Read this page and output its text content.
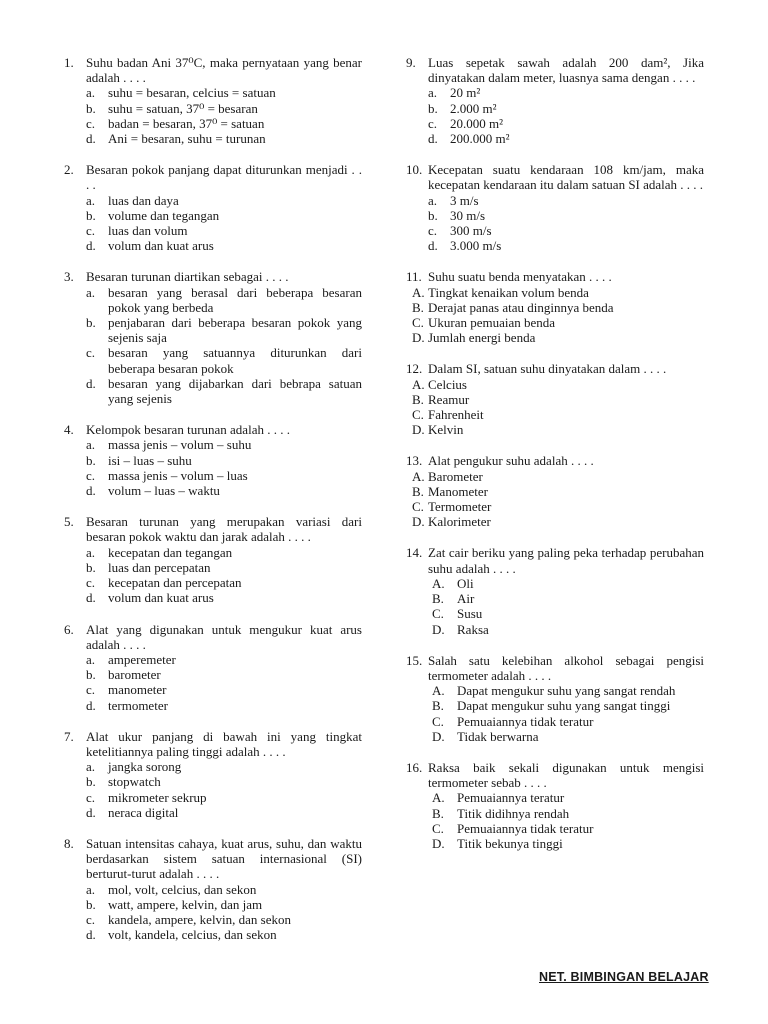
1. Suhu badan Ani 37⁰C, maka pernyataan yang benar adalah . . . .
a. suhu = besaran, celcius = satuan
b. suhu = satuan, 37⁰ = besaran
c. badan = besaran, 37⁰ = satuan
d. Ani = besaran, suhu = turunan
2. Besaran pokok panjang dapat diturunkan menjadi . . . .
a. luas dan daya
b. volume dan tegangan
c. luas dan volum
d. volum dan kuat arus
3. Besaran turunan diartikan sebagai . . . .
a. besaran yang berasal dari beberapa besaran pokok yang berbeda
b. penjabaran dari beberapa besaran pokok yang sejenis saja
c. besaran yang satuannya diturunkan dari beberapa besaran pokok
d. besaran yang dijabarkan dari bebrapa satuan yang sejenis
4. Kelompok besaran turunan adalah . . . .
a. massa jenis – volum – suhu
b. isi – luas – suhu
c. massa jenis – volum – luas
d. volum – luas – waktu
5. Besaran turunan yang merupakan variasi dari besaran pokok waktu dan jarak adalah . . . .
a. kecepatan dan tegangan
b. luas dan percepatan
c. kecepatan dan percepatan
d. volum dan kuat arus
6. Alat yang digunakan untuk mengukur kuat arus adalah . . . .
a. amperemeter
b. barometer
c. manometer
d. termometer
7. Alat ukur panjang di bawah ini yang tingkat ketelitiannya paling tinggi adalah . . . .
a. jangka sorong
b. stopwatch
c. mikrometer sekrup
d. neraca digital
8. Satuan intensitas cahaya, kuat arus, suhu, dan waktu berdasarkan sistem satuan internasional (SI) berturut-turut adalah . . . .
a. mol, volt, celcius, dan sekon
b. watt, ampere, kelvin, dan jam
c. kandela, ampere, kelvin, dan sekon
d. volt, kandela, celcius, dan sekon
9. Luas sepetak sawah adalah 200 dam², Jika dinyatakan dalam meter, luasnya sama dengan . . . .
a. 20 m²
b. 2.000 m²
c. 20.000 m²
d. 200.000 m²
10. Kecepatan suatu kendaraan 108 km/jam, maka kecepatan kendaraan itu dalam satuan SI adalah . . . .
a. 3 m/s
b. 30 m/s
c. 300 m/s
d. 3.000 m/s
11. Suhu suatu benda menyatakan . . . .
A. Tingkat kenaikan volum benda
B. Derajat panas atau dinginnya benda
C. Ukuran pemuaian benda
D. Jumlah energi benda
12. Dalam SI, satuan suhu dinyatakan dalam . . . .
A. Celcius
B. Reamur
C. Fahrenheit
D. Kelvin
13. Alat pengukur suhu adalah . . . .
A. Barometer
B. Manometer
C. Termometer
D. Kalorimeter
14. Zat cair beriku yang paling peka terhadap perubahan suhu adalah . . . .
A. Oli
B.	Air
C.	Susu
D. Raksa
15. Salah satu kelebihan alkohol sebagai pengisi termometer adalah . . . .
A. Dapat mengukur suhu yang sangat rendah
B.	Dapat mengukur suhu yang sangat tinggi
C.	Pemuaiannya tidak teratur
D. Tidak berwarna
16. Raksa baik sekali digunakan untuk mengisi termometer sebab . . . .
A. Pemuaiannya teratur
B.	Titik didihnya rendah
C.	Pemuaiannya tidak teratur
D. Titik bekunya tinggi
NET. BIMBINGAN BELAJAR
